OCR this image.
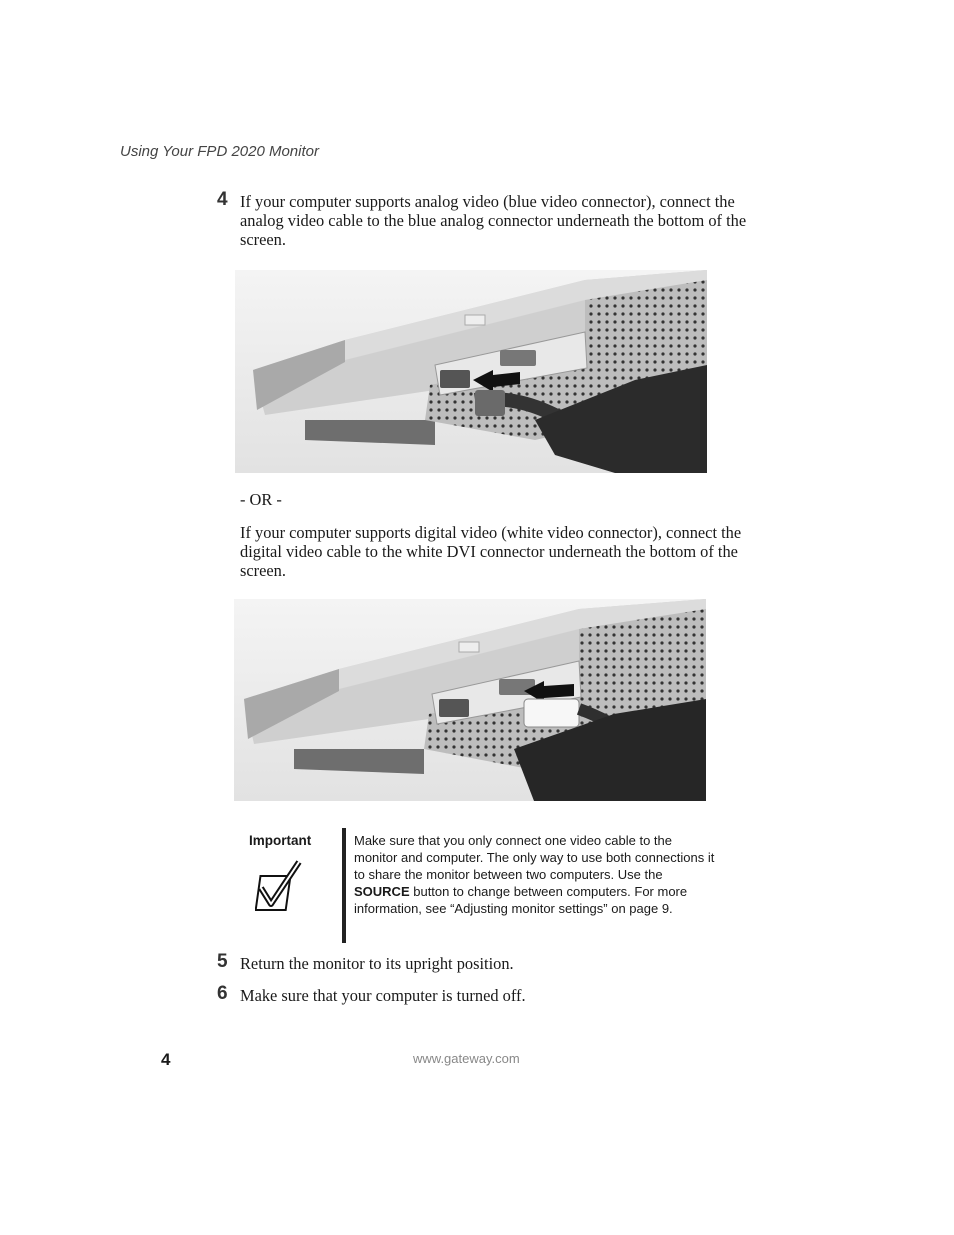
Using Your FPD 2020 Monitor
4 If your computer supports analog video (blue video connector), connect the analog video cable to the blue analog connector underneath the bottom of the screen.
- OR -
If your computer supports digital video (white video connector), connect the digital video cable to the white DVI connector underneath the bottom of the screen.
Important	Make sure that you only connect one video cable to the monitor and computer. The only way to use both connections it to share the monitor between two computers. Use the SOURCE button to change between computers. For more information, see “Adjusting monitor settings” on page 9.
5 Return the monitor to its upright position.
6 Make sure that your computer is turned off.
4	www.gateway.com
